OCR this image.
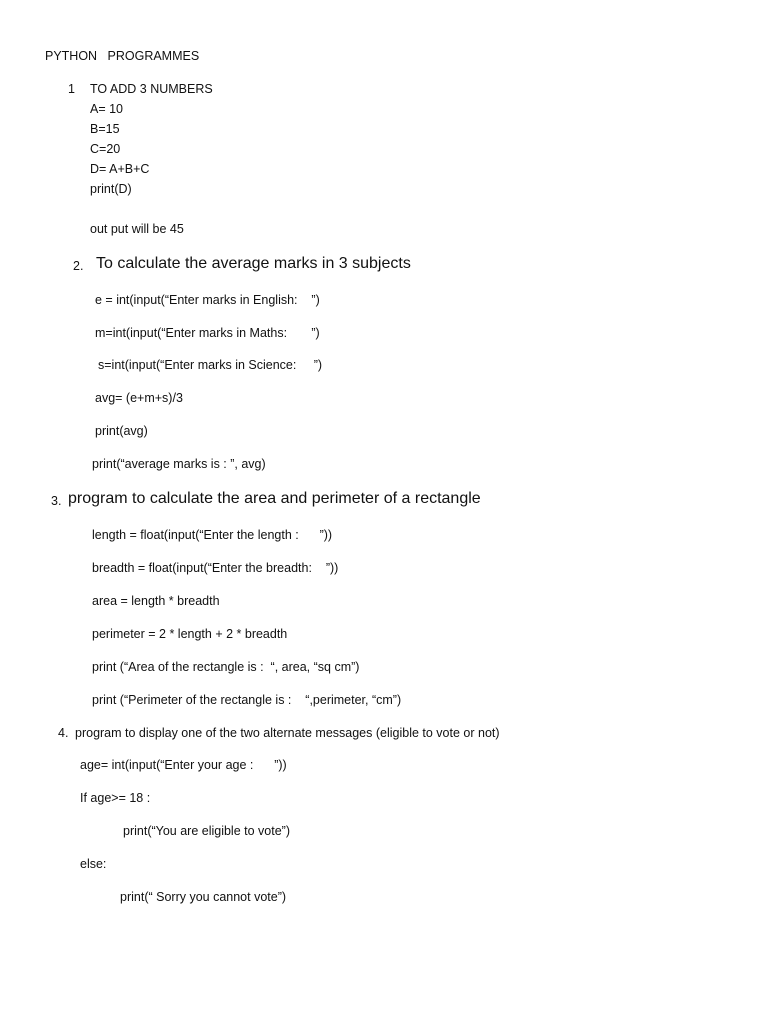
PYTHON   PROGRAMMES
1 TO ADD 3 NUMBERS
A= 10
B=15
C=20
D= A+B+C
print(D)
out put will be 45
2. To calculate the average marks in 3 subjects
e = int(input(“Enter marks in English:    ”)
m=int(input(“Enter marks in Maths:       ”)
s=int(input(“Enter marks in Science:     ”)
avg= (e+m+s)/3
print(avg)
print(“average marks is : ”, avg)
3. program to calculate the area and perimeter of a rectangle
length = float(input(“Enter the length :      ”))
breadth = float(input(“Enter the breadth:    ”))
area = length * breadth
perimeter = 2 * length + 2 * breadth
print (“Area of the rectangle is :  “, area, “sq cm”)
print (“Perimeter of the rectangle is :    “,perimeter, “cm”)
4. program to display one of the two alternate messages (eligible to vote or not)
age= int(input(“Enter your age :      ”))
If age>= 18 :
print(“You are eligible to vote”)
else:
print(“ Sorry you cannot vote”)
